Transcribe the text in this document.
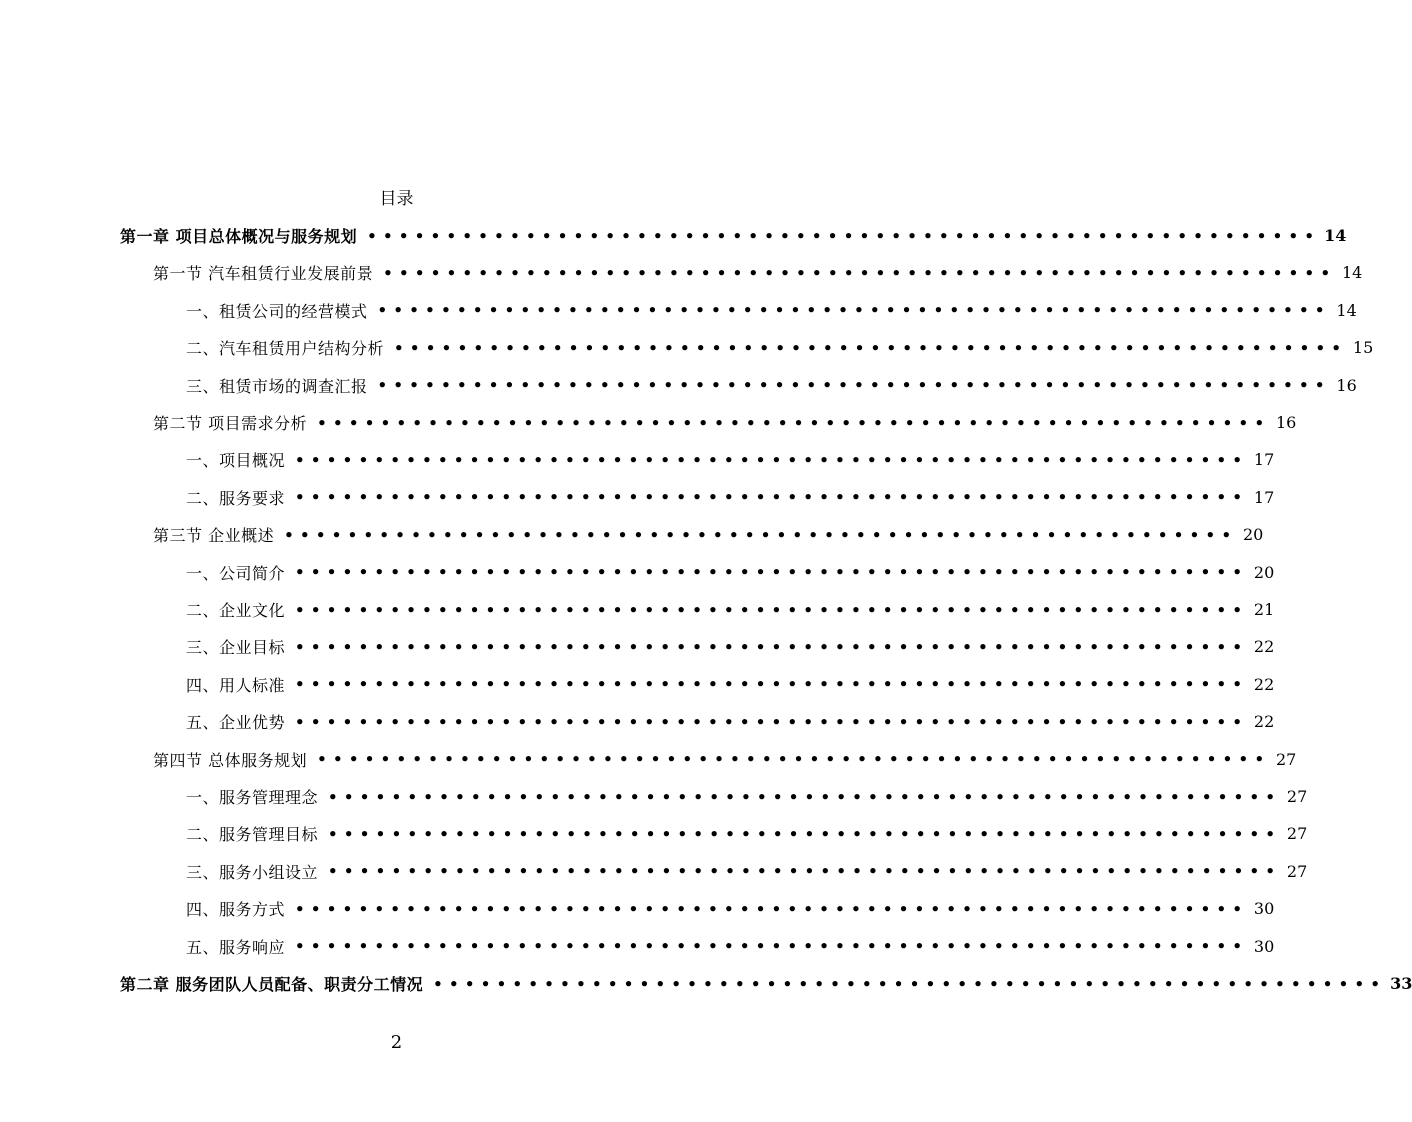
目录
第一章 项目总体概况与服务规划 •••••••••••••••••••••••••••••••••••••••••••••••••••••••••••• 14
第一节 汽车租赁行业发展前景 •••••••••••••••••••••••••••••••••••••••••••••••••••••••••••• 14
一、租赁公司的经营模式 •••••••••••••••••••••••••••••••••••••••••••••••••••••••••••• 14
二、汽车租赁用户结构分析 •••••••••••••••••••••••••••••••••••••••••••••••••••••••••••• 15
三、租赁市场的调查汇报 •••••••••••••••••••••••••••••••••••••••••••••••••••••••••••• 16
第二节 项目需求分析 •••••••••••••••••••••••••••••••••••••••••••••••••••••••••••• 16
一、项目概况 •••••••••••••••••••••••••••••••••••••••••••••••••••••••••••• 17
二、服务要求 •••••••••••••••••••••••••••••••••••••••••••••••••••••••••••• 17
第三节 企业概述 •••••••••••••••••••••••••••••••••••••••••••••••••••••••••••• 20
一、公司简介 •••••••••••••••••••••••••••••••••••••••••••••••••••••••••••• 20
二、企业文化 •••••••••••••••••••••••••••••••••••••••••••••••••••••••••••• 21
三、企业目标 •••••••••••••••••••••••••••••••••••••••••••••••••••••••••••• 22
四、用人标准 •••••••••••••••••••••••••••••••••••••••••••••••••••••••••••• 22
五、企业优势 •••••••••••••••••••••••••••••••••••••••••••••••••••••••••••• 22
第四节 总体服务规划 •••••••••••••••••••••••••••••••••••••••••••••••••••••••••••• 27
一、服务管理理念 •••••••••••••••••••••••••••••••••••••••••••••••••••••••••••• 27
二、服务管理目标 •••••••••••••••••••••••••••••••••••••••••••••••••••••••••••• 27
三、服务小组设立 •••••••••••••••••••••••••••••••••••••••••••••••••••••••••••• 27
四、服务方式 •••••••••••••••••••••••••••••••••••••••••••••••••••••••••••• 30
五、服务响应 •••••••••••••••••••••••••••••••••••••••••••••••••••••••••••• 30
第二章 服务团队人员配备、职责分工情况 •••••••••••••••••••••••••••••••••••••••••••••••••••••••••••• 33
2
